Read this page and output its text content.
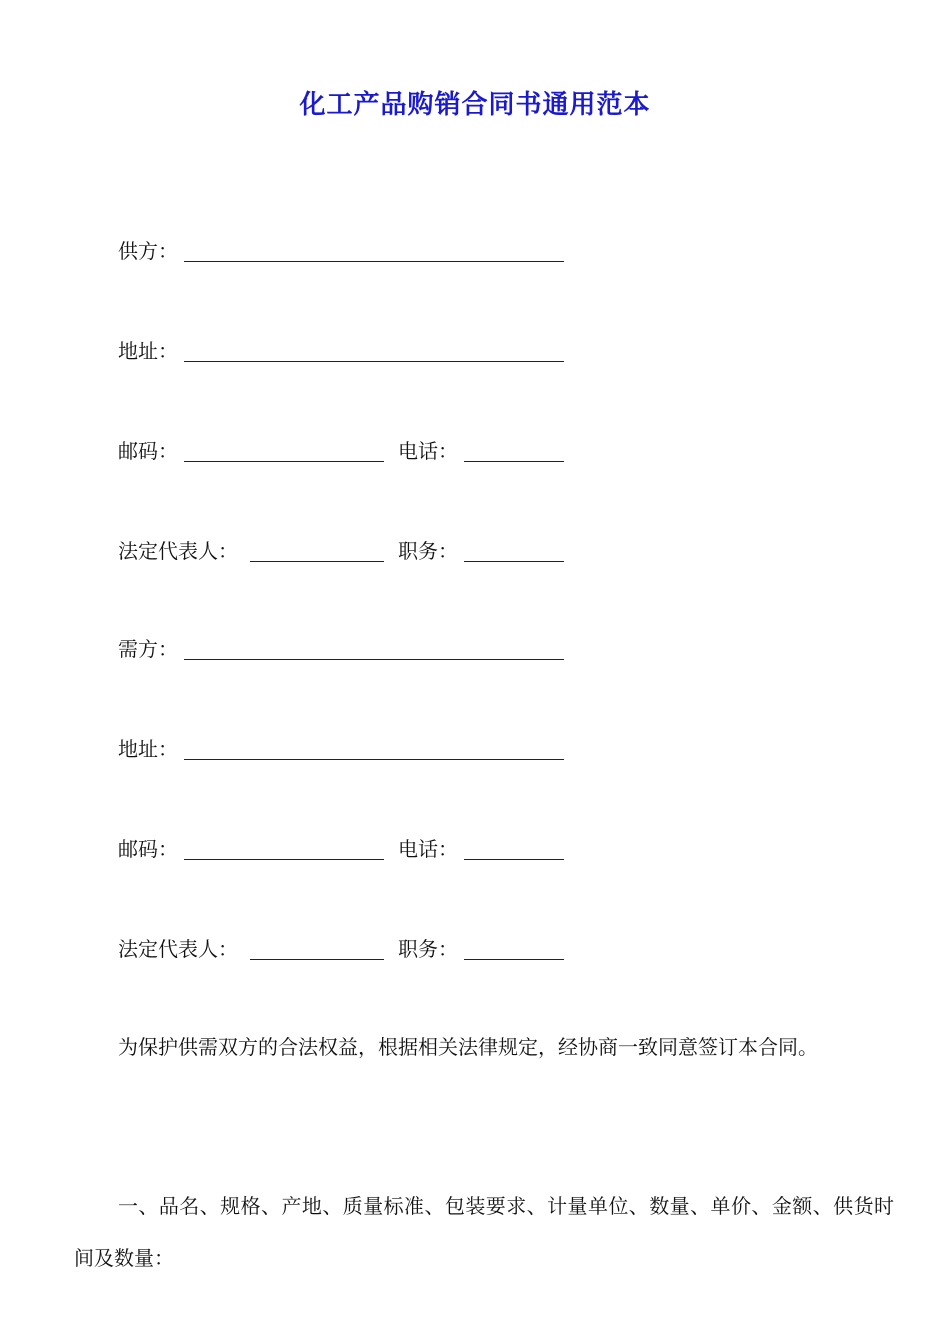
化工产品购销合同书通用范本
供方：
地址：
邮码：	电话：
法定代表人：	职务：
需方：
地址：
邮码：	电话：
法定代表人：	职务：
为保护供需双方的合法权益，根据相关法律规定，经协商一致同意签订本合同。
一、品名、规格、产地、质量标准、包装要求、计量单位、数量、单价、金额、供货时间及数量：
